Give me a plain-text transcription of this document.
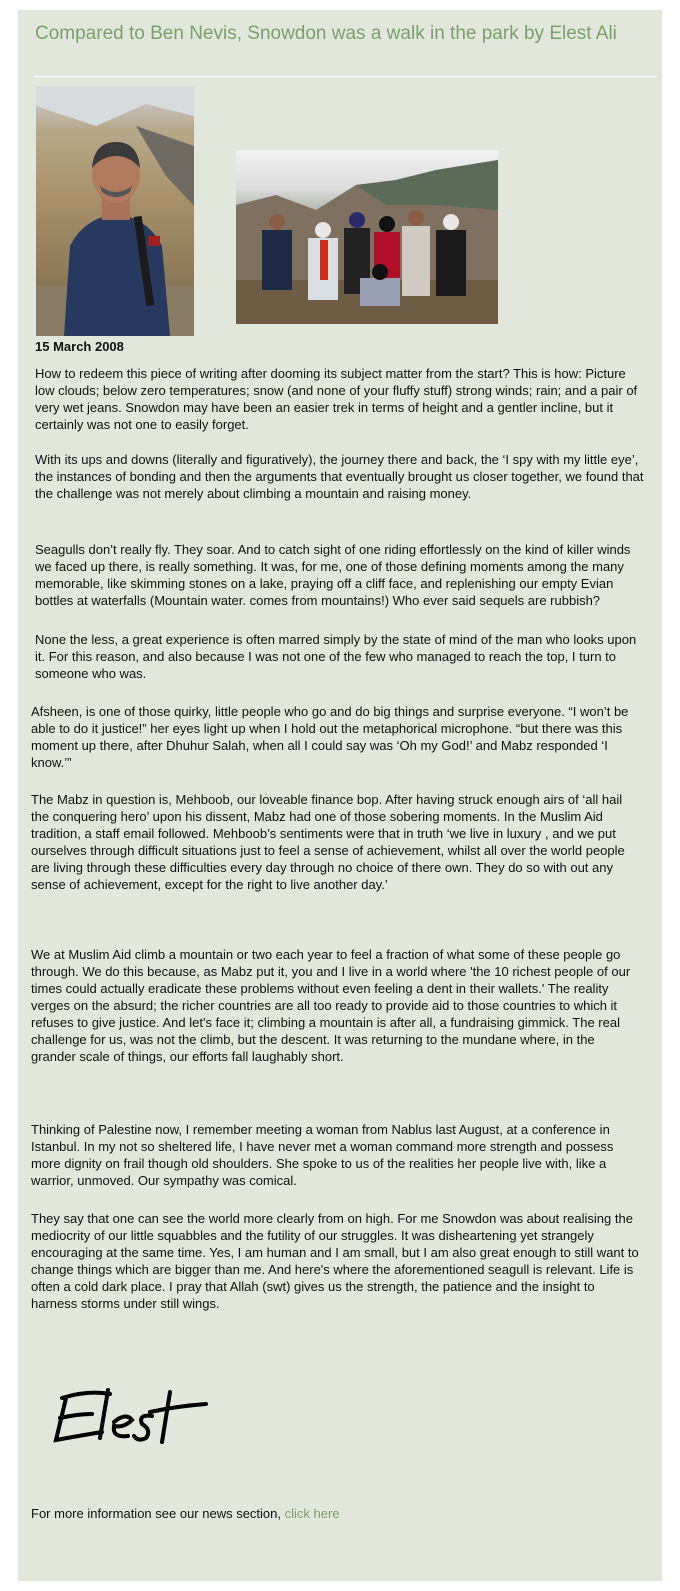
Compared to Ben Nevis, Snowdon was a walk in the park by Elest Ali

15 March 2008

How to redeem this piece of writing after dooming its subject matter from the start? This is how: Picture low clouds; below zero temperatures; snow (and none of your fluffy stuff) strong winds; rain; and a pair of very wet jeans. Snowdon may have been an easier trek in terms of height and a gentler incline, but it certainly was not one to easily forget.

With its ups and downs (literally and figuratively), the journey there and back, the ‘I spy with my little eye’, the instances of bonding and then the arguments that eventually brought us closer together, we found that the challenge was not merely about climbing a mountain and raising money.

Seagulls don’t really fly. They soar. And to catch sight of one riding effortlessly on the kind of killer winds we faced up there, is really something. It was, for me, one of those defining moments among the many memorable, like skimming stones on a lake, praying off a cliff face, and replenishing our empty Evian bottles at waterfalls (Mountain water. comes from mountains!) Who ever said sequels are rubbish?

None the less, a great experience is often marred simply by the state of mind of the man who looks upon it. For this reason, and also because I was not one of the few who managed to reach the top, I turn to someone who was.

Afsheen, is one of those quirky, little people who go and do big things and surprise everyone. “I won’t be able to do it justice!” her eyes light up when I hold out the metaphorical microphone. “but there was this moment up there, after Dhuhur Salah, when all I could say was ‘Oh my God!’ and Mabz responded ‘I know.’”

The Mabz in question is, Mehboob, our loveable finance bop. After having struck enough airs of ‘all hail the conquering hero’ upon his dissent, Mabz had one of those sobering moments. In the Muslim Aid tradition, a staff email followed. Mehboob’s sentiments were that in truth ‘we live in luxury , and we put ourselves through difficult situations just to feel a sense of achievement, whilst all over the world people are living through these difficulties every day through no choice of there own. They do so with out any sense of achievement, except for the right to live another day.’

We at Muslim Aid climb a mountain or two each year to feel a fraction of what some of these people go through. We do this because, as Mabz put it, you and I live in a world where 'the 10 richest people of our times could actually eradicate these problems without even feeling a dent in their wallets.' The reality verges on the absurd; the richer countries are all too ready to provide aid to those countries to which it refuses to give justice. And let's face it; climbing a mountain is after all, a fundraising gimmick. The real challenge for us, was not the climb, but the descent. It was returning to the mundane where, in the grander scale of things, our efforts fall laughably short.

Thinking of Palestine now, I remember meeting a woman from Nablus last August, at a conference in Istanbul. In my not so sheltered life, I have never met a woman command more strength and possess more dignity on frail though old shoulders. She spoke to us of the realities her people live with, like a warrior, unmoved. Our sympathy was comical.

They say that one can see the world more clearly from on high. For me Snowdon was about realising the mediocrity of our little squabbles and the futility of our struggles. It was disheartening yet strangely encouraging at the same time. Yes, I am human and I am small, but I am also great enough to still want to change things which are bigger than me. And here's where the aforementioned seagull is relevant. Life is often a cold dark place. I pray that Allah (swt) gives us the strength, the patience and the insight to harness storms under still wings.

For more information see our news section, click here
